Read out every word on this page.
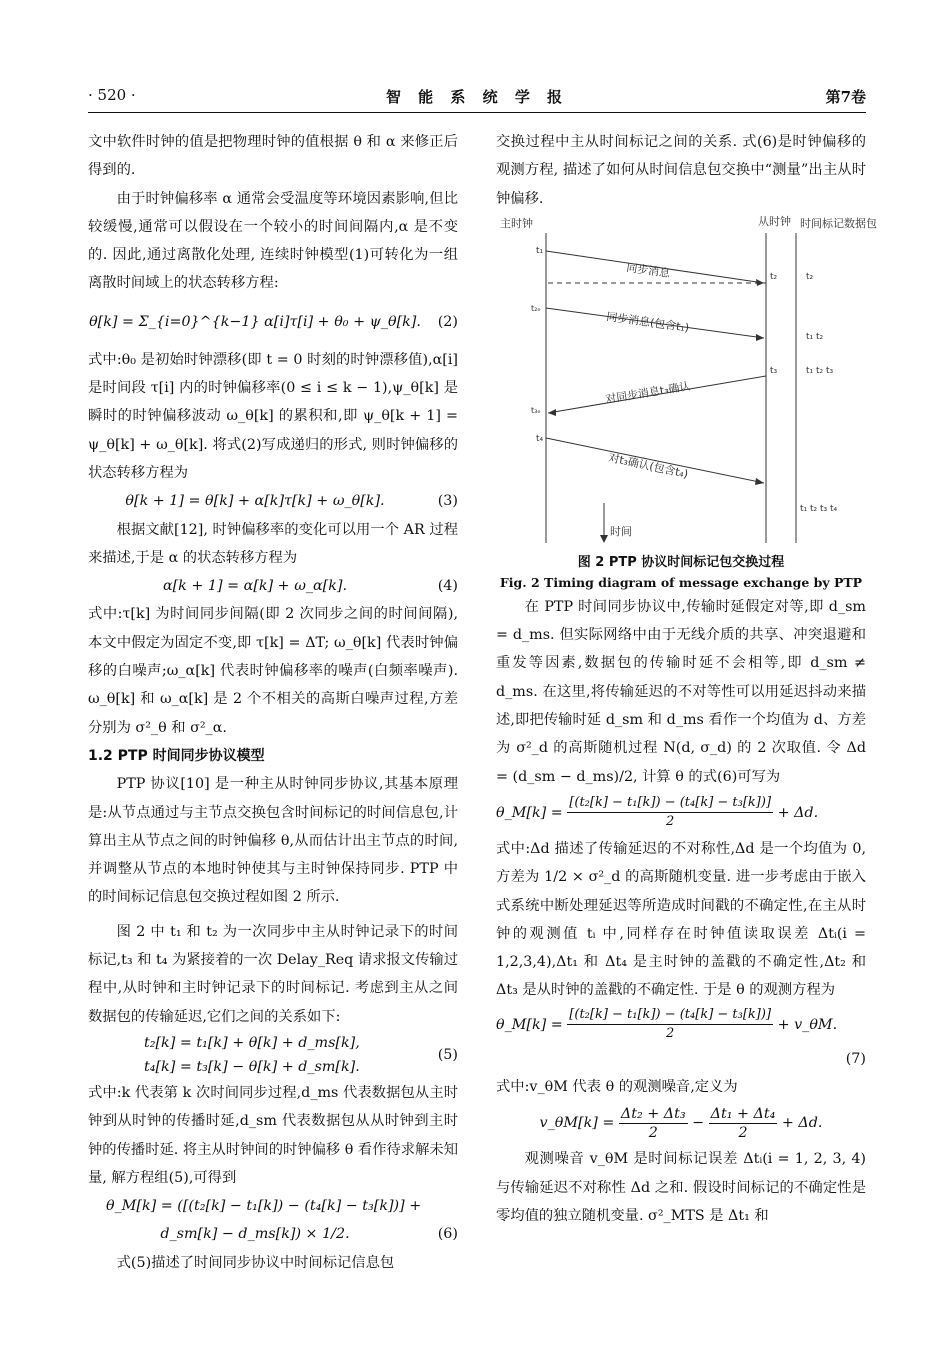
· 520 ·	智 能 系 统 学 报	第7卷

文中软件时钟的值是把物理时钟的值根据 θ 和 α 来修正后得到的.

由于时钟偏移率 α 通常会受温度等环境因素影响,但比较缓慢,通常可以假设在一个较小的时间间隔内,α 是不变的. 因此,通过离散化处理, 连续时钟模型(1)可转化为一组离散时间域上的状态转移方程:

θ[k] = Σ_{i=0}^{k−1} α[i]τ[i] + θ₀ + ψ_θ[k].	(2)

式中:θ₀ 是初始时钟漂移(即 t = 0 时刻的时钟漂移值),α[i] 是时间段 τ[i] 内的时钟偏移率(0 ≤ i ≤ k − 1),ψ_θ[k] 是瞬时的时钟偏移波动 ω_θ[k] 的累积和,即 ψ_θ[k + 1] = ψ_θ[k] + ω_θ[k]. 将式(2)写成递归的形式, 则时钟偏移的状态转移方程为

θ[k + 1] = θ[k] + α[k]τ[k] + ω_θ[k].	(3)

根据文献[12], 时钟偏移率的变化可以用一个 AR 过程来描述,于是 α 的状态转移方程为

α[k + 1] = α[k] + ω_α[k].	(4)

式中:τ[k] 为时间同步间隔(即 2 次同步之间的时间间隔),本文中假定为固定不变,即 τ[k] = ΔT; ω_θ[k] 代表时钟偏移的白噪声;ω_α[k] 代表时钟偏移率的噪声(白频率噪声). ω_θ[k] 和 ω_α[k] 是 2 个不相关的高斯白噪声过程,方差分别为 σ²_θ 和 σ²_α.

1.2 PTP 时间同步协议模型

PTP 协议[10] 是一种主从时钟同步协议,其基本原理是:从节点通过与主节点交换包含时间标记的时间信息包,计算出主从节点之间的时钟偏移 θ,从而估计出主节点的时间,并调整从节点的本地时钟使其与主时钟保持同步. PTP 中的时间标记信息包交换过程如图 2 所示.

图 2 中 t₁ 和 t₂ 为一次同步中主从时钟记录下的时间标记,t₃ 和 t₄ 为紧接着的一次 Delay_Req 请求报文传输过程中,从时钟和主时钟记录下的时间标记. 考虑到主从之间数据包的传输延迟,它们之间的关系如下:

t₂[k] = t₁[k] + θ[k] + d_ms[k],
t₄[k] = t₃[k] − θ[k] + d_sm[k].
(5)

式中:k 代表第 k 次时间同步过程,d_ms 代表数据包从主时钟到从时钟的传播时延,d_sm 代表数据包从从时钟到主时钟的传播时延. 将主从时钟间的时钟偏移 θ 看作待求解未知量, 解方程组(5),可得到

θ_M[k] = ([(t₂[k] − t₁[k]) − (t₄[k] − t₃[k])] +
d_sm[k] − d_ms[k]) × 1/2.	(6)

式(5)描述了时间同步协议中时间标记信息包

交换过程中主从时间标记之间的关系. 式(6)是时钟偏移的观测方程, 描述了如何从时间信息包交换中“测量”出主从时钟偏移.

主时钟	从时钟 时间标记数据包
t₁
同步消息	t₂	t₂
t₂ₑ
同步消息(包含t₁)
t₁ t₂
t₃	t₁ t₂ t₃
对同步消息t₃确认
t₃ₑ
t₄
对t₃确认(包含t₄)
t₁ t₂ t₃ t₄
时间
图 2 PTP 协议时间标记包交换过程
Fig. 2 Timing diagram of message exchange by PTP

在 PTP 时间同步协议中,传输时延假定对等,即 d_sm = d_ms. 但实际网络中由于无线介质的共享、冲突退避和重发等因素,数据包的传输时延不会相等,即 d_sm ≠ d_ms. 在这里,将传输延迟的不对等性可以用延迟抖动来描述,即把传输时延 d_sm 和 d_ms 看作一个均值为 d、方差为 σ²_d 的高斯随机过程 N(d, σ_d) 的 2 次取值. 令 Δd = (d_sm − d_ms)/2, 计算 θ 的式(6)可写为

θ_M[k] =
$\frac{\text{[(t₂[k] − t₁[k]) − (t₄[k] − t₃[k])]}}{2}$
+ Δd.

式中:Δd 描述了传输延迟的不对称性,Δd 是一个均值为 0,方差为 1/2 × σ²_d 的高斯随机变量. 进一步考虑由于嵌入式系统中断处理延迟等所造成时间戳的不确定性,在主从时钟的观测值 tᵢ 中,同样存在时钟值读取误差 Δtᵢ(i = 1,2,3,4),Δt₁ 和 Δt₄ 是主时钟的盖戳的不确定性,Δt₂ 和 Δt₃ 是从时钟的盖戳的不确定性. 于是 θ 的观测方程为

θ_M[k] =
$\frac{\text{[(t₂[k] − t₁[k]) − (t₄[k] − t₃[k])]}}{2}$
+ v_θM.
(7)

式中:v_θM 代表 θ 的观测噪音,定义为

v_θM[k] =
$\frac{\text{Δt₂ + Δt₃}}{2}$
−
$\frac{\text{Δt₁ + Δt₄}}{2}$
+ Δd.

观测噪音 v_θM 是时间标记误差 Δtᵢ(i = 1, 2, 3, 4)与传输延迟不对称性 Δd 之和. 假设时间标记的不确定性是零均值的独立随机变量. σ²_MTS 是 Δt₁ 和
